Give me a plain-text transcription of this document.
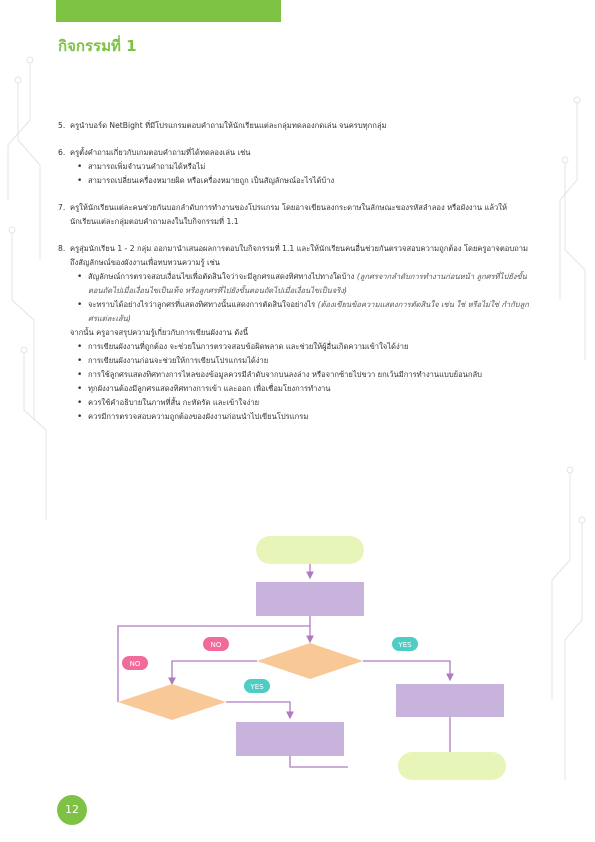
กิจกรรมที่ 1
5. ครูนำบอร์ด NetBight ที่มีโปรแกรมตอบคำถามให้นักเรียนแต่ละกลุ่มทดลองกดเล่น จนครบทุกกลุ่ม
6. ครูตั้งคำถามเกี่ยวกับเกมตอบคำถามที่ได้ทดลองเล่น เช่น
• สามารถเพิ่มจำนวนคำถามได้หรือไม่
• สามารถเปลี่ยนเครื่องหมายผิด หรือเครื่องหมายถูก เป็นสัญลักษณ์อะไรได้บ้าง
7. ครูให้นักเรียนแต่ละคนช่วยกันบอกลำดับการทำงานของโปรแกรม โดยอาจเขียนลงกระดาษในลักษณะของรหัสลำลอง หรือผังงาน แล้วให้นักเรียนแต่ละกลุ่มตอบคำถามลงในใบกิจกรรมที่ 1.1
8. ครูสุ่มนักเรียน 1 - 2 กลุ่ม ออกมานำเสนอผลการตอบใบกิจกรรมที่ 1.1 และให้นักเรียนคนอื่นช่วยกันตรวจสอบความถูกต้อง โดยครูอาจตอบถามถึงสัญลักษณ์ของผังงานเพื่อทบทวนความรู้ เช่น
• สัญลักษณ์การตรวจสอบเงื่อนไขเพื่อตัดสินใจว่าจะมีลูกศรแสดงทิศทางไปทางใดบ้าง (ลูกศรจากลำดับการทำงานก่อนหน้า ลูกศรที่ไปยังขั้นตอนถัดไปเมื่อเงื่อนไขเป็นเท็จ หรือลูกศรที่ไปยังขั้นตอนถัดไปเมื่อเงื่อนไขเป็นจริง)
• จะทราบได้อย่างไรว่าลูกศรที่แสดงทิศทางนั้นแสดงการตัดสินใจอย่างไร (ต้องเขียนข้อความแสดงการตัดสินใจ เช่น ใช่ หรือไม่ใช่ กำกับลูกศรแต่ละเส้น)

จากนั้น ครูอาจสรุปความรู้เกี่ยวกับการเขียนผังงาน ดังนี้

• การเขียนผังงานที่ถูกต้อง จะช่วยในการตรวจสอบข้อผิดพลาด และช่วยให้ผู้อื่นเกิดความเข้าใจได้ง่าย
• การเขียนผังงานก่อนจะช่วยให้การเขียนโปรแกรมได้ง่าย
• การใช้ลูกศรแสดงทิศทางการไหลของข้อมูลควรมีลำดับจากบนลงล่าง หรือจากซ้ายไปขวา ยกเว้นมีการทำงานแบบย้อนกลับ
• ทุกผังงานต้องมีลูกศรแสดงทิศทางการเข้า และออก เพื่อเชื่อมโยงการทำงาน
• ควรใช้คำอธิบายในภาพที่สั้น กะทัดรัด และเข้าใจง่าย
• ควรมีการตรวจสอบความถูกต้องของผังงานก่อนนำไปเขียนโปรแกรม
NO	YES
NO
YES
12
